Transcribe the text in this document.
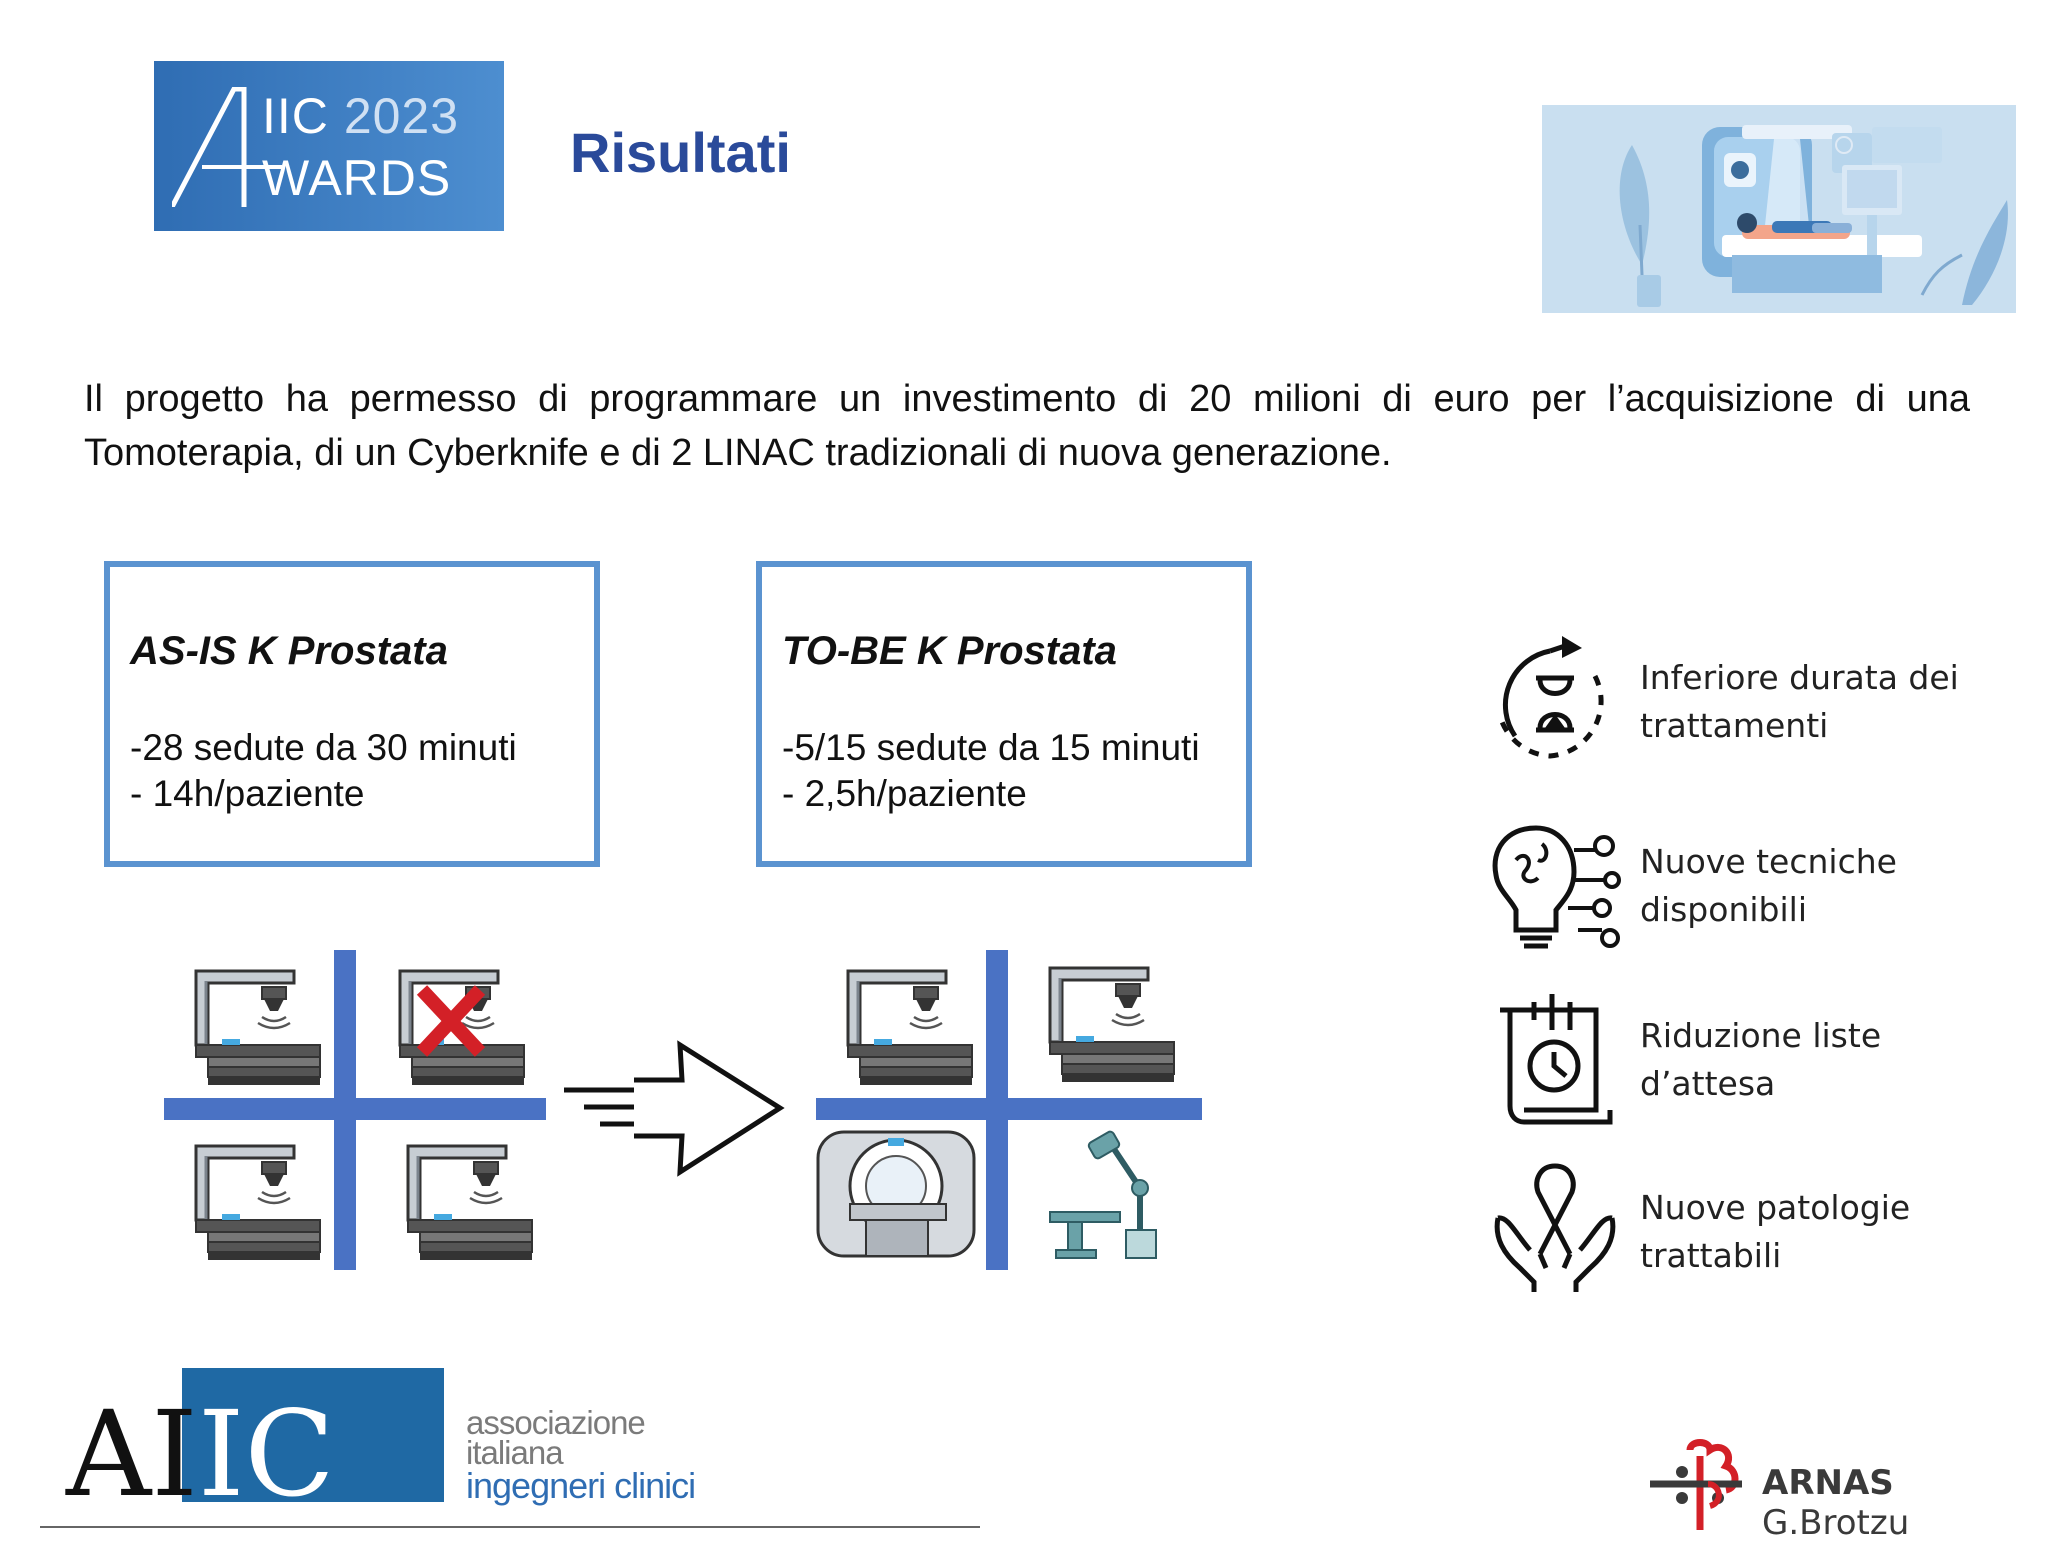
IIC 2023
WARDS Risultati
Il progetto ha permesso di programmare un investimento di 20 milioni di euro per l’acquisizione di una Tomoterapia, di un Cyberknife e di 2 LINAC tradizionali di nuova generazione.
AS-IS K Prostata
-28 sedute da 30 minuti
- 14h/paziente
TO-BE K Prostata
-5/15 sedute da 15 minuti
- 2,5h/paziente
Inferiore durata dei
trattamenti
Nuove tecniche
disponibili
Riduzione liste
d’attesa
Nuove patologie
trattabili
AIIC	associazione
italiana
ingegneri clinici	ARNAS G.Brotzu
